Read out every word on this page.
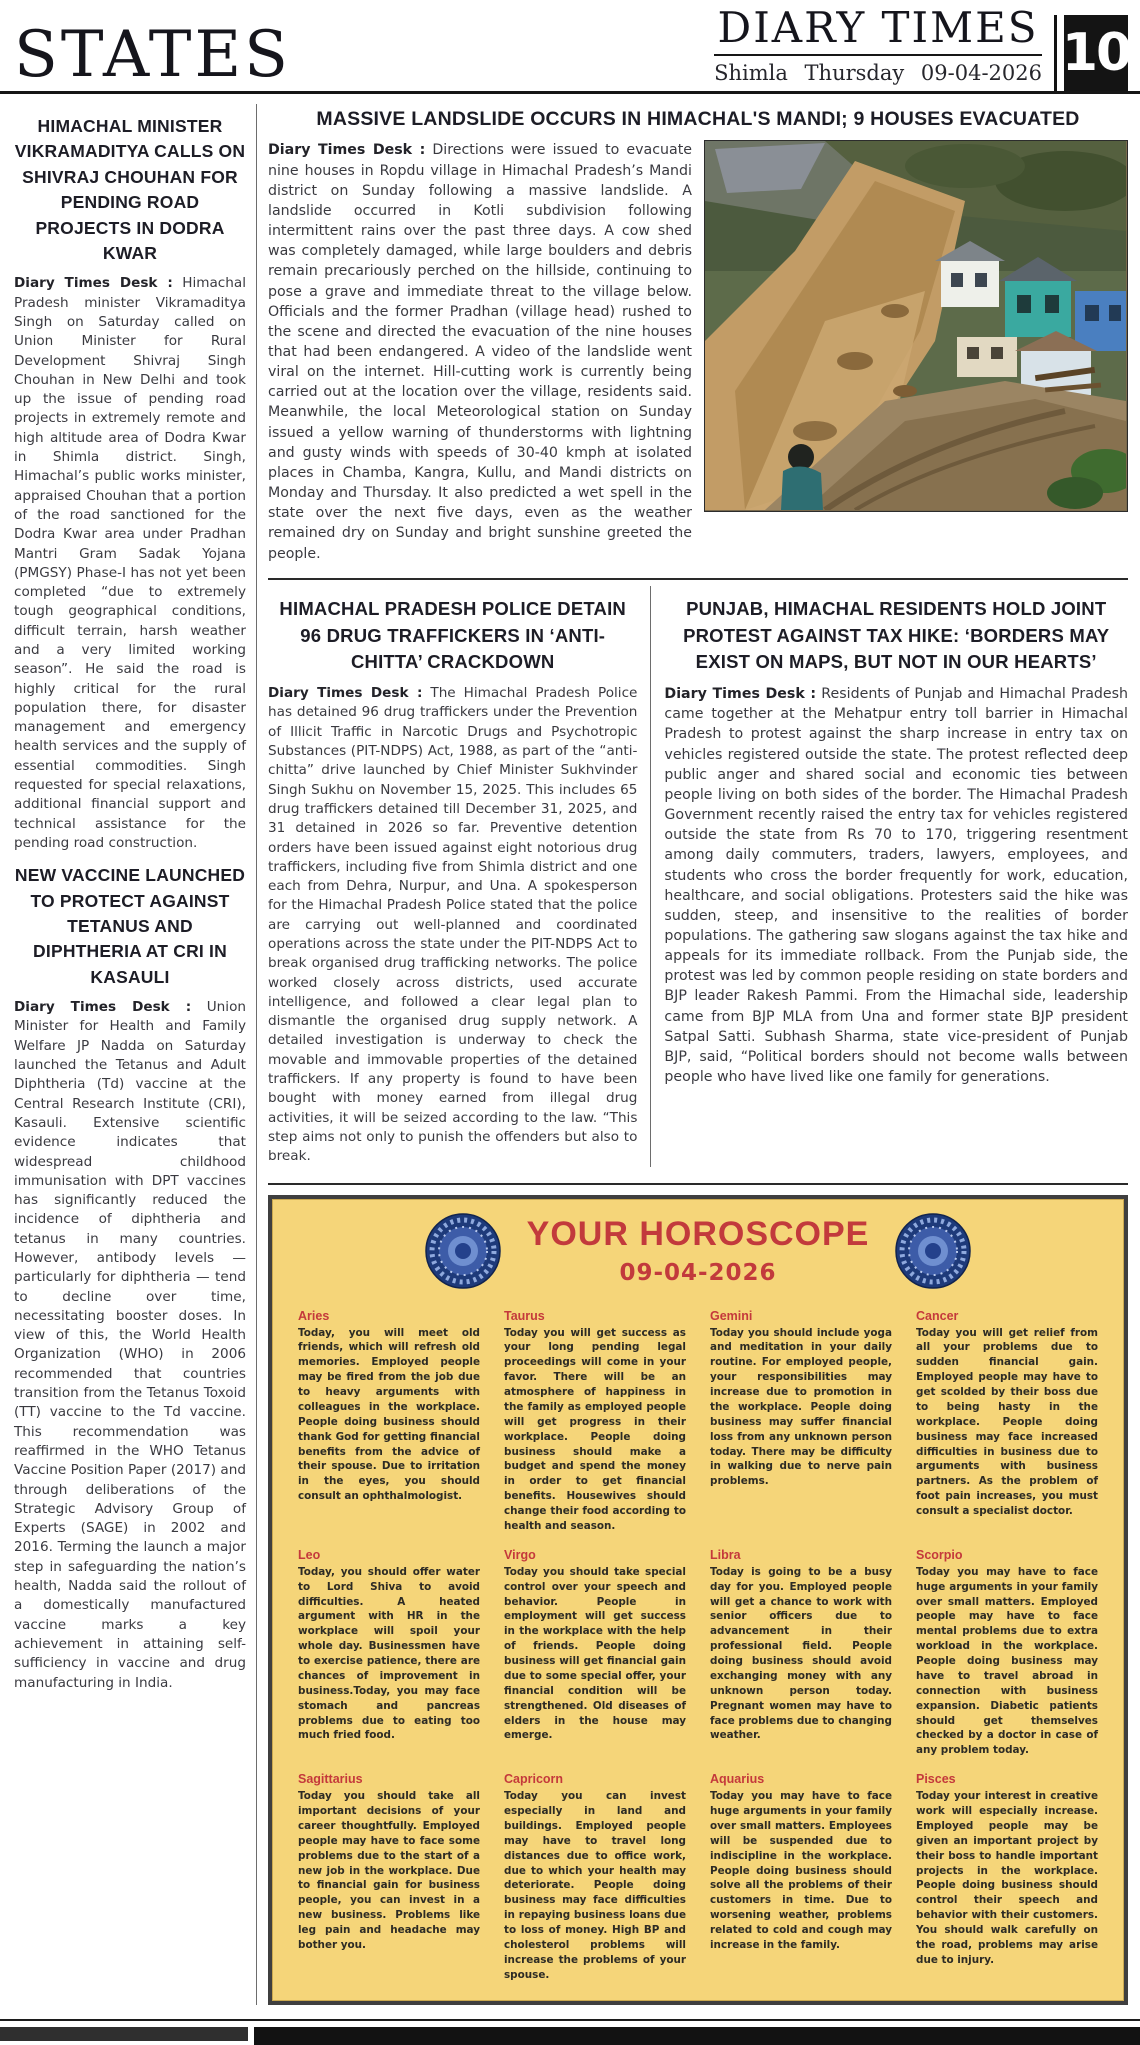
STATES	DIARY TIMES
Shimla Thursday 09-04-2026 10
HIMACHAL MINISTER VIKRAMADITYA CALLS ON SHIVRAJ CHOUHAN FOR PENDING ROAD PROJECTS IN DODRA KWAR

Diary Times Desk : Himachal Pradesh minister Vikramaditya Singh on Saturday called on Union Minister for Rural Development Shivraj Singh Chouhan in New Delhi and took up the issue of pending road projects in extremely remote and high altitude area of Dodra Kwar in Shimla district. Singh, Himachal’s public works minister, appraised Chouhan that a portion of the road sanctioned for the Dodra Kwar area under Pradhan Mantri Gram Sadak Yojana (PMGSY) Phase-I has not yet been completed “due to extremely tough geographical conditions, difficult terrain, harsh weather and a very limited working season”. He said the road is highly critical for the rural population there, for disaster management and emergency health services and the supply of essential commodities. Singh requested for special relaxations, additional financial support and technical assistance for the pending road construction.

NEW VACCINE LAUNCHED TO PROTECT AGAINST TETANUS AND DIPHTHERIA AT CRI IN KASAULI

Diary Times Desk : Union Minister for Health and Family Welfare JP Nadda on Saturday launched the Tetanus and Adult Diphtheria (Td) vaccine at the Central Research Institute (CRI), Kasauli. Extensive scientific evidence indicates that widespread childhood immunisation with DPT vaccines has significantly reduced the incidence of diphtheria and tetanus in many countries. However, antibody levels — particularly for diphtheria — tend to decline over time, necessitating booster doses. In view of this, the World Health Organization (WHO) in 2006 recommended that countries transition from the Tetanus Toxoid (TT) vaccine to the Td vaccine. This recommendation was reaffirmed in the WHO Tetanus Vaccine Position Paper (2017) and through deliberations of the Strategic Advisory Group of Experts (SAGE) in 2002 and 2016. Terming the launch a major step in safeguarding the nation’s health, Nadda said the rollout of a domestically manufactured vaccine marks a key achievement in attaining self-sufficiency in vaccine and drug manufacturing in India.

MASSIVE LANDSLIDE OCCURS IN HIMACHAL'S MANDI; 9 HOUSES EVACUATED

Diary Times Desk : Directions were issued to evacuate nine houses in Ropdu village in Himachal Pradesh’s Mandi district on Sunday following a massive landslide. A landslide occurred in Kotli subdivision following intermittent rains over the past three days. A cow shed was completely damaged, while large boulders and debris remain precariously perched on the hillside, continuing to pose a grave and immediate threat to the village below. Officials and the former Pradhan (village head) rushed to the scene and directed the evacuation of the nine houses that had been endangered. A video of the landslide went viral on the internet. Hill-cutting work is currently being carried out at the location over the village, residents said. Meanwhile, the local Meteorological station on Sunday issued a yellow warning of thunderstorms with lightning and gusty winds with speeds of 30-40 kmph at isolated places in Chamba, Kangra, Kullu, and Mandi districts on Monday and Thursday. It also predicted a wet spell in the state over the next five days, even as the weather remained dry on Sunday and bright sunshine greeted the people.

HIMACHAL PRADESH POLICE DETAIN 96 DRUG TRAFFICKERS IN ‘ANTI-CHITTA’ CRACKDOWN

Diary Times Desk : The Himachal Pradesh Police has detained 96 drug traffickers under the Prevention of Illicit Traffic in Narcotic Drugs and Psychotropic Substances (PIT-NDPS) Act, 1988, as part of the “anti-chitta” drive launched by Chief Minister Sukhvinder Singh Sukhu on November 15, 2025. This includes 65 drug traffickers detained till December 31, 2025, and 31 detained in 2026 so far. Preventive detention orders have been issued against eight notorious drug traffickers, including five from Shimla district and one each from Dehra, Nurpur, and Una. A spokesperson for the Himachal Pradesh Police stated that the police are carrying out well-planned and coordinated operations across the state under the PIT-NDPS Act to break organised drug trafficking networks. The police worked closely across districts, used accurate intelligence, and followed a clear legal plan to dismantle the organised drug supply network. A detailed investigation is underway to check the movable and immovable properties of the detained traffickers. If any property is found to have been bought with money earned from illegal drug activities, it will be seized according to the law. “This step aims not only to punish the offenders but also to break.

PUNJAB, HIMACHAL RESIDENTS HOLD JOINT PROTEST AGAINST TAX HIKE: ‘BORDERS MAY EXIST ON MAPS, BUT NOT IN OUR HEARTS’

Diary Times Desk : Residents of Punjab and Himachal Pradesh came together at the Mehatpur entry toll barrier in Himachal Pradesh to protest against the sharp increase in entry tax on vehicles registered outside the state. The protest reflected deep public anger and shared social and economic ties between people living on both sides of the border. The Himachal Pradesh Government recently raised the entry tax for vehicles registered outside the state from Rs 70 to 170, triggering resentment among daily commuters, traders, lawyers, employees, and students who cross the border frequently for work, education, healthcare, and social obligations. Protesters said the hike was sudden, steep, and insensitive to the realities of border populations. The gathering saw slogans against the tax hike and appeals for its immediate rollback. From the Punjab side, the protest was led by common people residing on state borders and BJP leader Rakesh Pammi. From the Himachal side, leadership came from BJP MLA from Una and former state BJP president Satpal Satti. Subhash Sharma, state vice-president of Punjab BJP, said, “Political borders should not become walls between people who have lived like one family for generations.

YOUR HOROSCOPE
09-04-2026
Aries
Today, you will meet old friends, which will refresh old memories. Employed people may be fired from the job due to heavy arguments with colleagues in the workplace. People doing business should thank God for getting financial benefits from the advice of their spouse. Due to irritation in the eyes, you should consult an ophthalmologist.
Taurus
Today you will get success as your long pending legal proceedings will come in your favor. There will be an atmosphere of happiness in the family as employed people will get progress in their workplace. People doing business should make a budget and spend the money in order to get financial benefits. Housewives should change their food according to health and season.
Gemini
Today you should include yoga and meditation in your daily routine. For employed people, your responsibilities may increase due to promotion in the workplace. People doing business may suffer financial loss from any unknown person today. There may be difficulty in walking due to nerve pain problems.
Cancer
Today you will get relief from all your problems due to sudden financial gain. Employed people may have to get scolded by their boss due to being hasty in the workplace. People doing business may face increased difficulties in business due to arguments with business partners. As the problem of foot pain increases, you must consult a specialist doctor.
Leo
Today, you should offer water to Lord Shiva to avoid difficulties. A heated argument with HR in the workplace will spoil your whole day. Businessmen have to exercise patience, there are chances of improvement in business.Today, you may face stomach and pancreas problems due to eating too much fried food.
Virgo
Today you should take special control over your speech and behavior. People in employment will get success in the workplace with the help of friends. People doing business will get financial gain due to some special offer, your financial condition will be strengthened. Old diseases of elders in the house may emerge.
Libra
Today is going to be a busy day for you. Employed people will get a chance to work with senior officers due to advancement in their professional field. People doing business should avoid exchanging money with any unknown person today. Pregnant women may have to face problems due to changing weather.
Scorpio
Today you may have to face huge arguments in your family over small matters. Employed people may have to face mental problems due to extra workload in the workplace. People doing business may have to travel abroad in connection with business expansion. Diabetic patients should get themselves checked by a doctor in case of any problem today.
Sagittarius
Today you should take all important decisions of your career thoughtfully. Employed people may have to face some problems due to the start of a new job in the workplace. Due to financial gain for business people, you can invest in a new business. Problems like leg pain and headache may bother you.
Capricorn
Today you can invest especially in land and buildings. Employed people may have to travel long distances due to office work, due to which your health may deteriorate. People doing business may face difficulties in repaying business loans due to loss of money. High BP and cholesterol problems will increase the problems of your spouse.
Aquarius
Today you may have to face huge arguments in your family over small matters. Employees will be suspended due to indiscipline in the workplace. People doing business should solve all the problems of their customers in time. Due to worsening weather, problems related to cold and cough may increase in the family.
Pisces
Today your interest in creative work will especially increase. Employed people may be given an important project by their boss to handle important projects in the workplace. People doing business should control their speech and behavior with their customers. You should walk carefully on the road, problems may arise due to injury.
